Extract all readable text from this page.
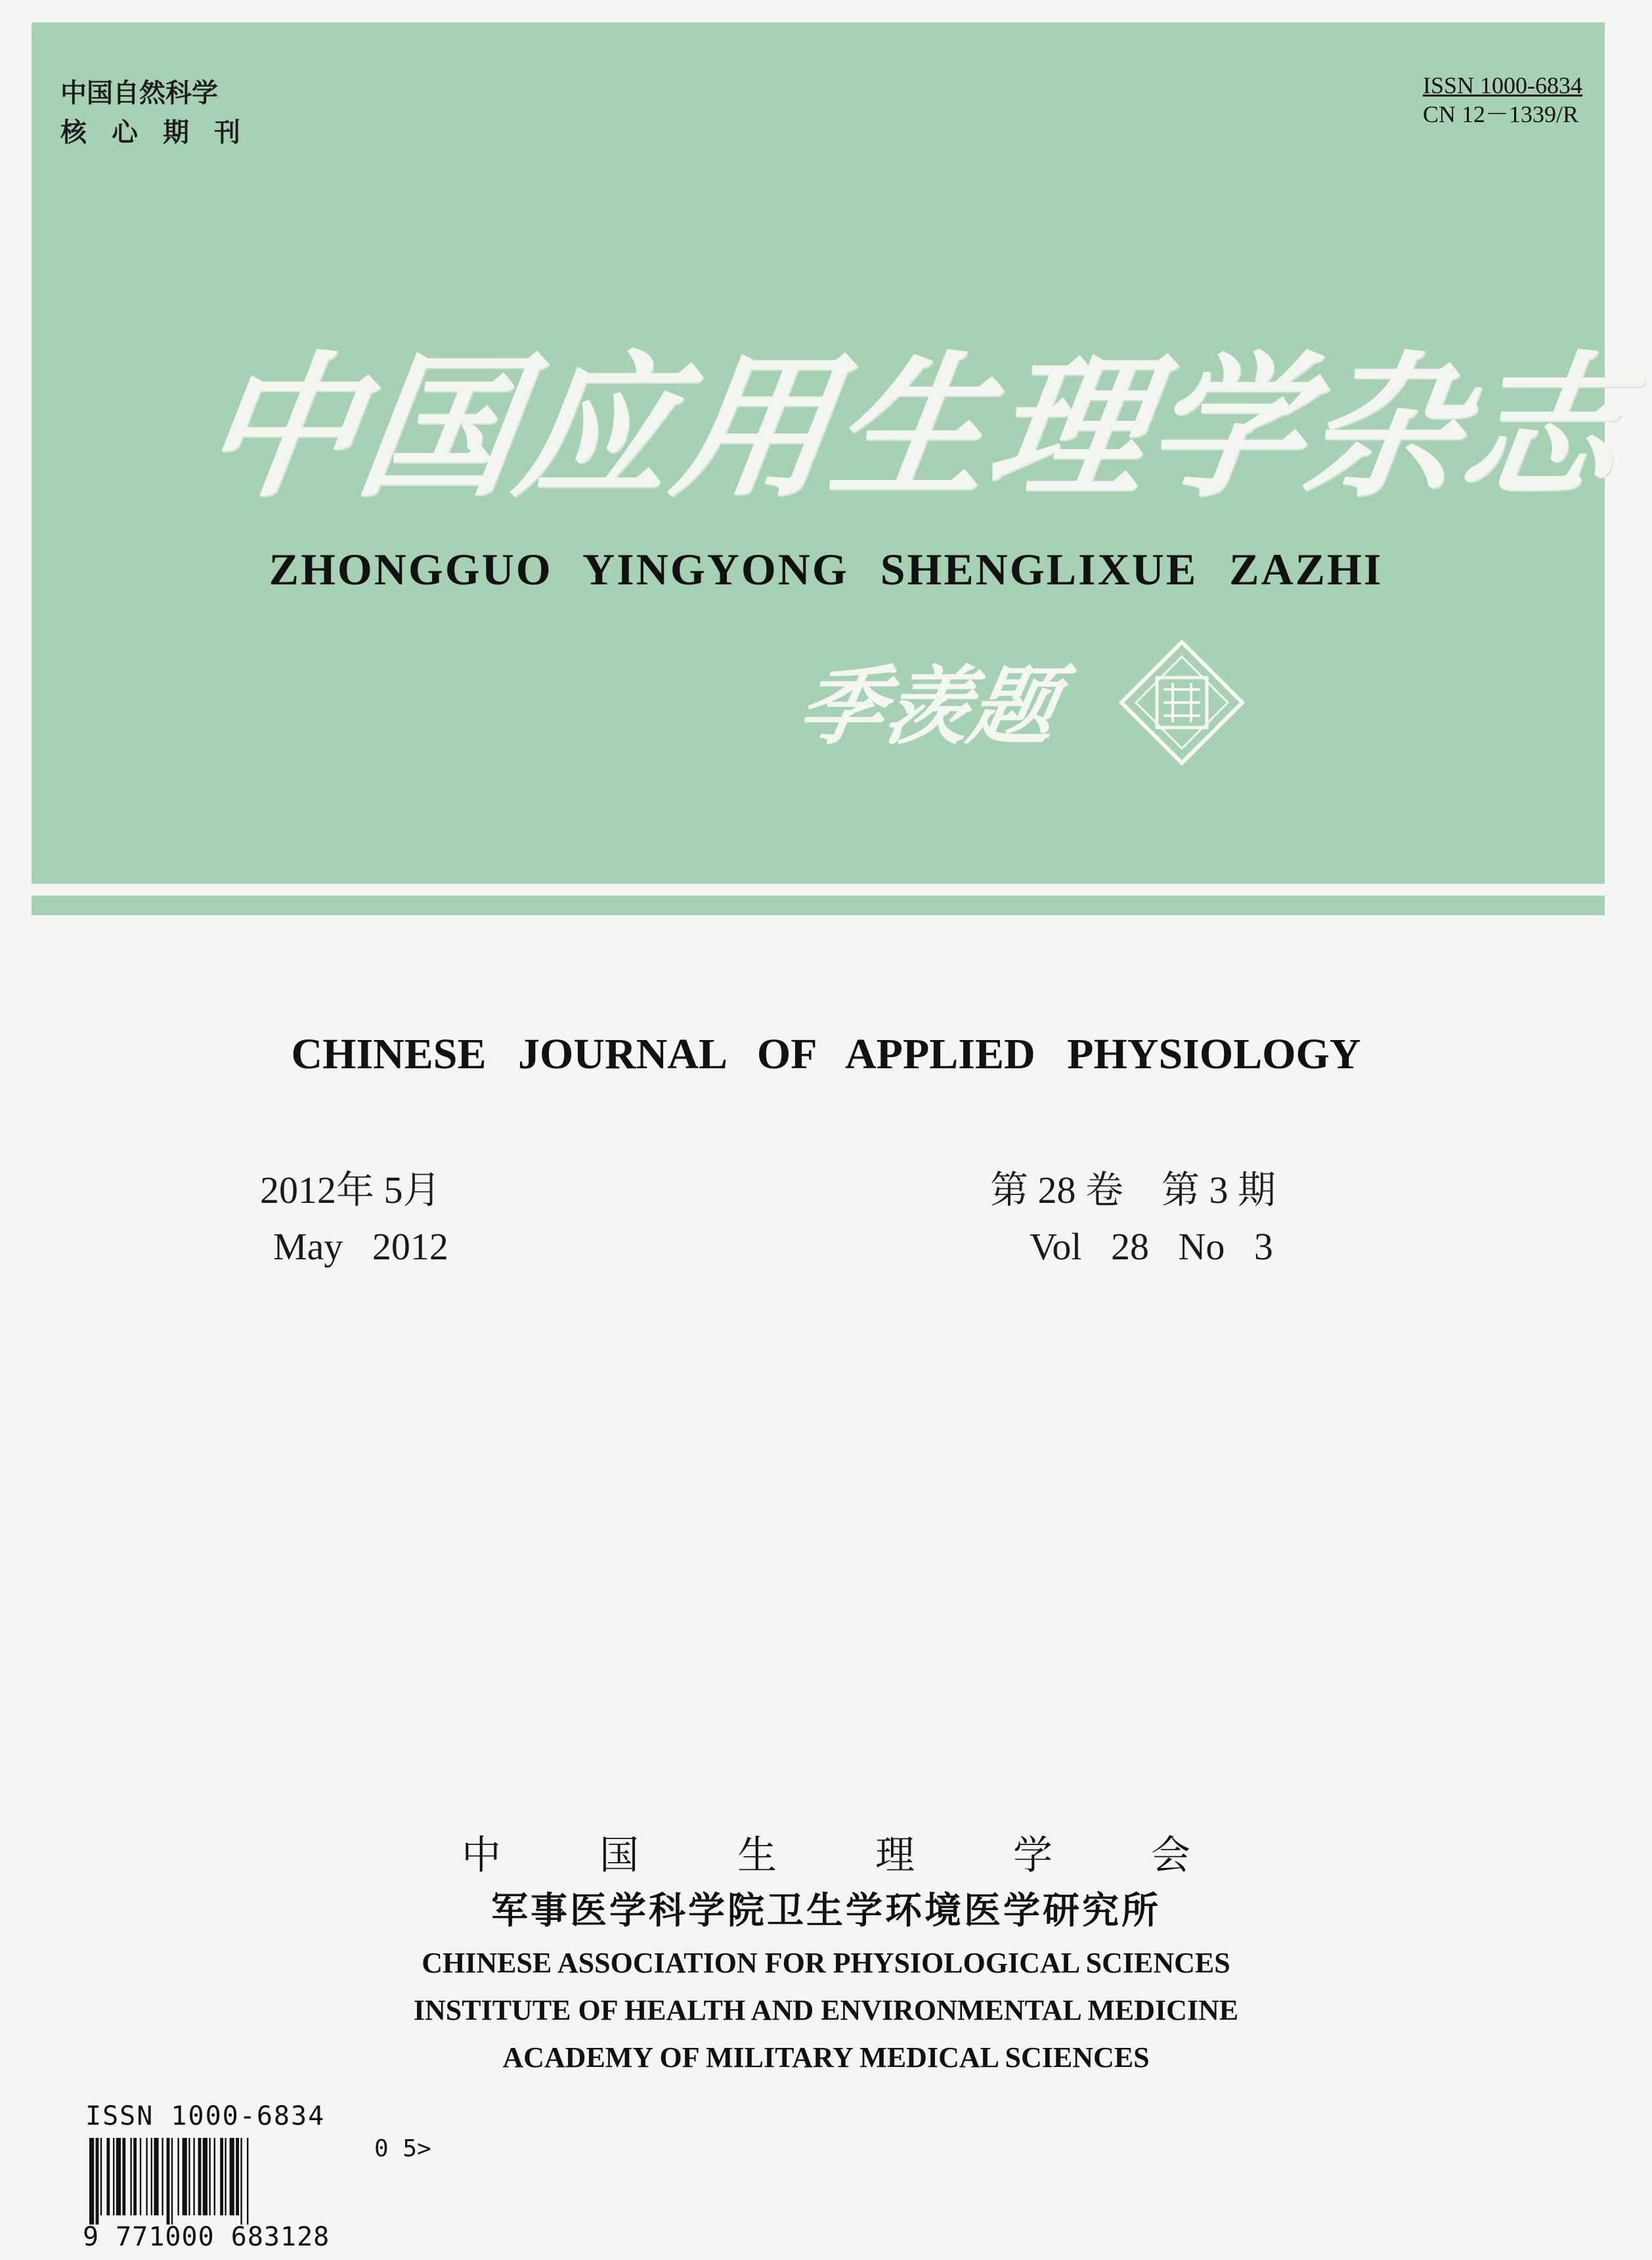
中国自然科学
核心期刊
ISSN 1000-6834
CN 12－1339/R
中国应用生理学杂志
ZHONGGUO YINGYONG SHENGLIXUE ZAZHI
季羡题
CHINESE JOURNAL OF APPLIED PHYSIOLOGY
2012年 5月
May 2012
第 28 卷　第 3 期
Vol 28 No 3
中国生理学会
军事医学科学院卫生学环境医学研究所
CHINESE ASSOCIATION FOR PHYSIOLOGICAL SCIENCES
INSTITUTE OF HEALTH AND ENVIRONMENTAL MEDICINE
ACADEMY OF MILITARY MEDICAL SCIENCES
ISSN 1000-6834
0 5>
9 771000 683128
